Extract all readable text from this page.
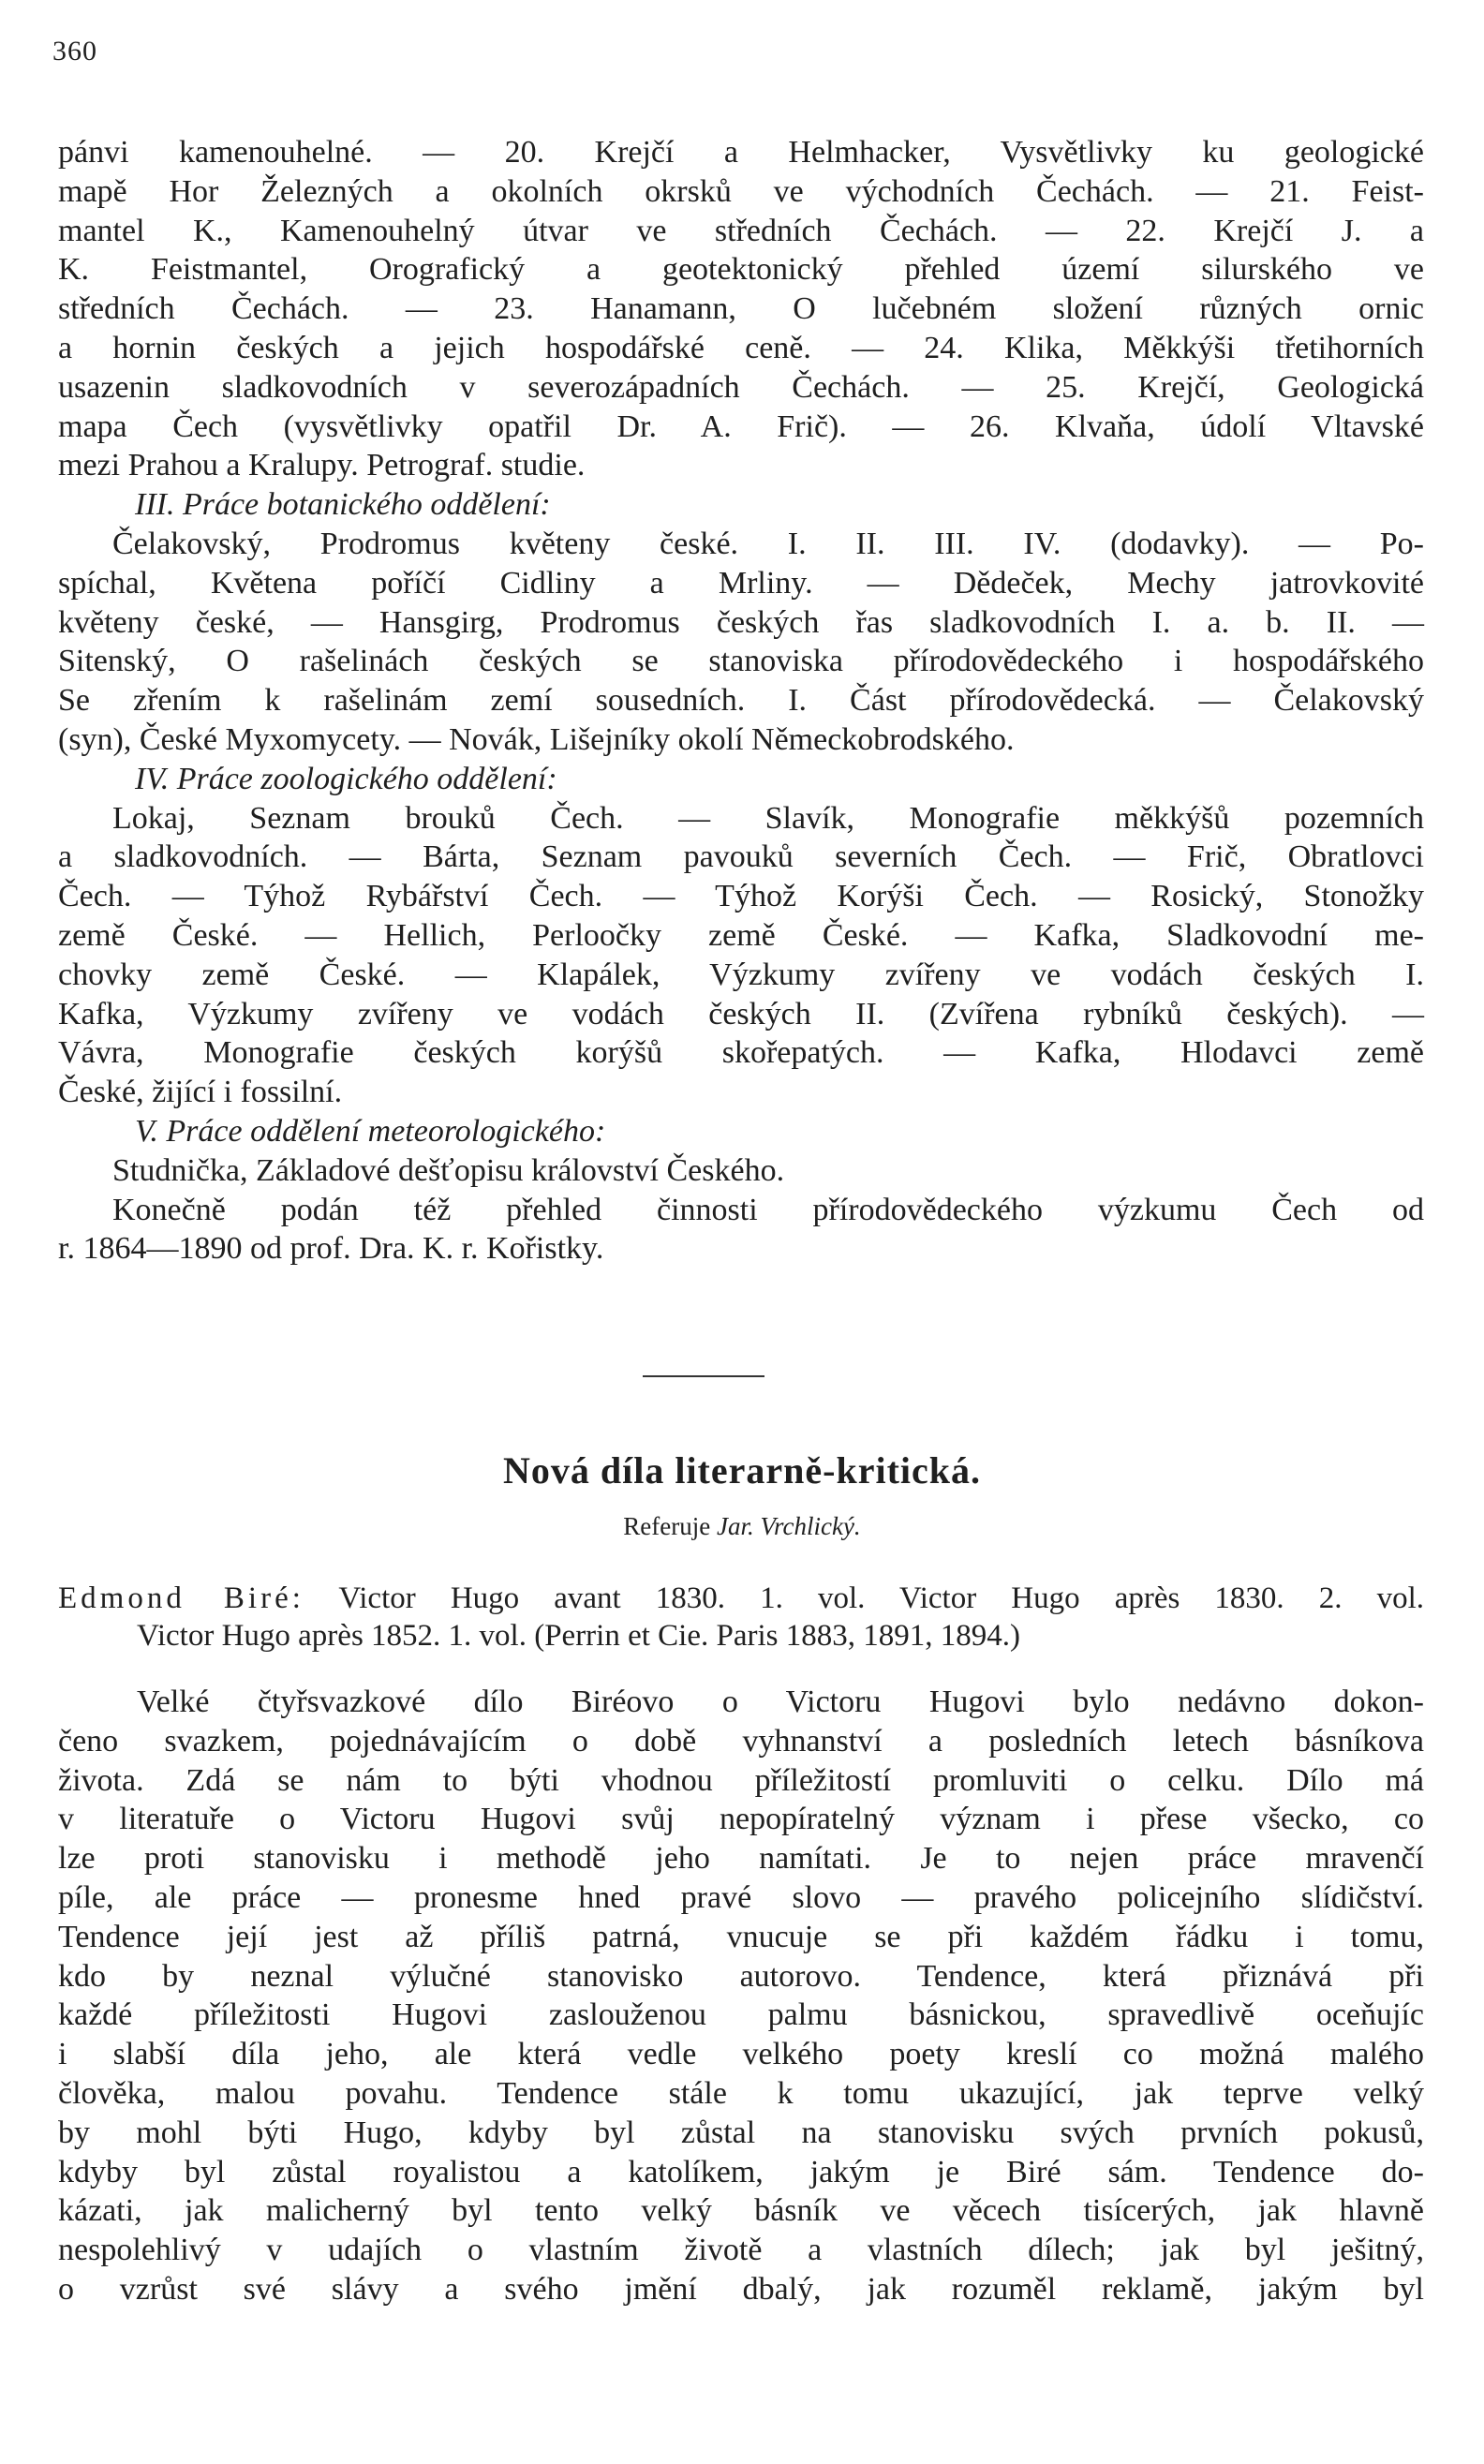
360

pánvi kamenouhelné. — 20. Krejčí a Helmhacker, Vysvětlivky ku geologické

mapě Hor Železných a okolních okrsků ve východních Čechách. — 21. Feist-

mantel K., Kamenouhelný útvar ve středních Čechách. — 22. Krejčí J. a

K. Feistmantel, Orografický a geotektonický přehled území silurského ve

středních Čechách. — 23. Hanamann, O lučebném složení různých ornic

a hornin českých a jejich hospodářské ceně. — 24. Klika, Měkkýši třetihorních

usazenin sladkovodních v severozápadních Čechách. — 25. Krejčí, Geologická

mapa Čech (vysvětlivky opatřil Dr. A. Frič). — 26. Klvaňa, údolí Vltavské

mezi Prahou a Kralupy. Petrograf. studie.

III. Práce botanického oddělení:

Čelakovský, Prodromus květeny české. I. II. III. IV. (dodavky). — Po-

spíchal, Květena poříčí Cidliny a Mrliny. — Dědeček, Mechy jatrovkovité

květeny české, — Hansgirg, Prodromus českých řas sladkovodních I. a. b. II. —

Sitenský, O rašelinách českých se stanoviska přírodovědeckého i hospodářského

Se zřením k rašelinám zemí sousedních. I. Část přírodovědecká. — Čelakovský

(syn), České Myxomycety. — Novák, Lišejníky okolí Německobrodského.

IV. Práce zoologického oddělení:

Lokaj, Seznam brouků Čech. — Slavík, Monografie měkkýšů pozemních

a sladkovodních. — Bárta, Seznam pavouků severních Čech. — Frič, Obratlovci

Čech. — Týhož Rybářství Čech. — Týhož Korýši Čech. — Rosický, Stonožky

země České. — Hellich, Perloočky země České. — Kafka, Sladkovodní me-

chovky země České. — Klapálek, Výzkumy zvířeny ve vodách českých I.

Kafka, Výzkumy zvířeny ve vodách českých II. (Zvířena rybníků českých). —

Vávra, Monografie českých korýšů skořepatých. — Kafka, Hlodavci země

České, žijící i fossilní.

V. Práce oddělení meteorologického:

Studnička, Základové dešťopisu království Českého.

Konečně podán též přehled činnosti přírodovědeckého výzkumu Čech od

r. 1864—1890 od prof. Dra. K. r. Kořistky.

Nová díla literarně-kritická.
Referuje Jar. Vrchlický.

Edmond Biré: Victor Hugo avant 1830. 1. vol. Victor Hugo après 1830. 2. vol.

Victor Hugo après 1852. 1. vol. (Perrin et Cie. Paris 1883, 1891, 1894.)

Velké čtyřsvazkové dílo Biréovo o Victoru Hugovi bylo nedávno dokon-

čeno svazkem, pojednávajícím o době vyhnanství a posledních letech básníkova

života. Zdá se nám to býti vhodnou příležitostí promluviti o celku. Dílo má

v literatuře o Victoru Hugovi svůj nepopíratelný význam i přese všecko, co

lze proti stanovisku i methodě jeho namítati. Je to nejen práce mravenčí

píle, ale práce — pronesme hned pravé slovo — pravého policejního slídičství.

Tendence její jest až příliš patrná, vnucuje se při každém řádku i tomu,

kdo by neznal výlučné stanovisko autorovo. Tendence, která přiznává při

každé příležitosti Hugovi zaslouženou palmu básnickou, spravedlivě oceňujíc

i slabší díla jeho, ale která vedle velkého poety kreslí co možná malého

člověka, malou povahu. Tendence stále k tomu ukazující, jak teprve velký

by mohl býti Hugo, kdyby byl zůstal na stanovisku svých prvních pokusů,

kdyby byl zůstal royalistou a katolíkem, jakým je Biré sám. Tendence do-

kázati, jak malicherný byl tento velký básník ve věcech tisícerých, jak hlavně

nespolehlivý v udajích o vlastním životě a vlastních dílech; jak byl ješitný,

o vzrůst své slávy a svého jmění dbalý, jak rozuměl reklamě, jakým byl
